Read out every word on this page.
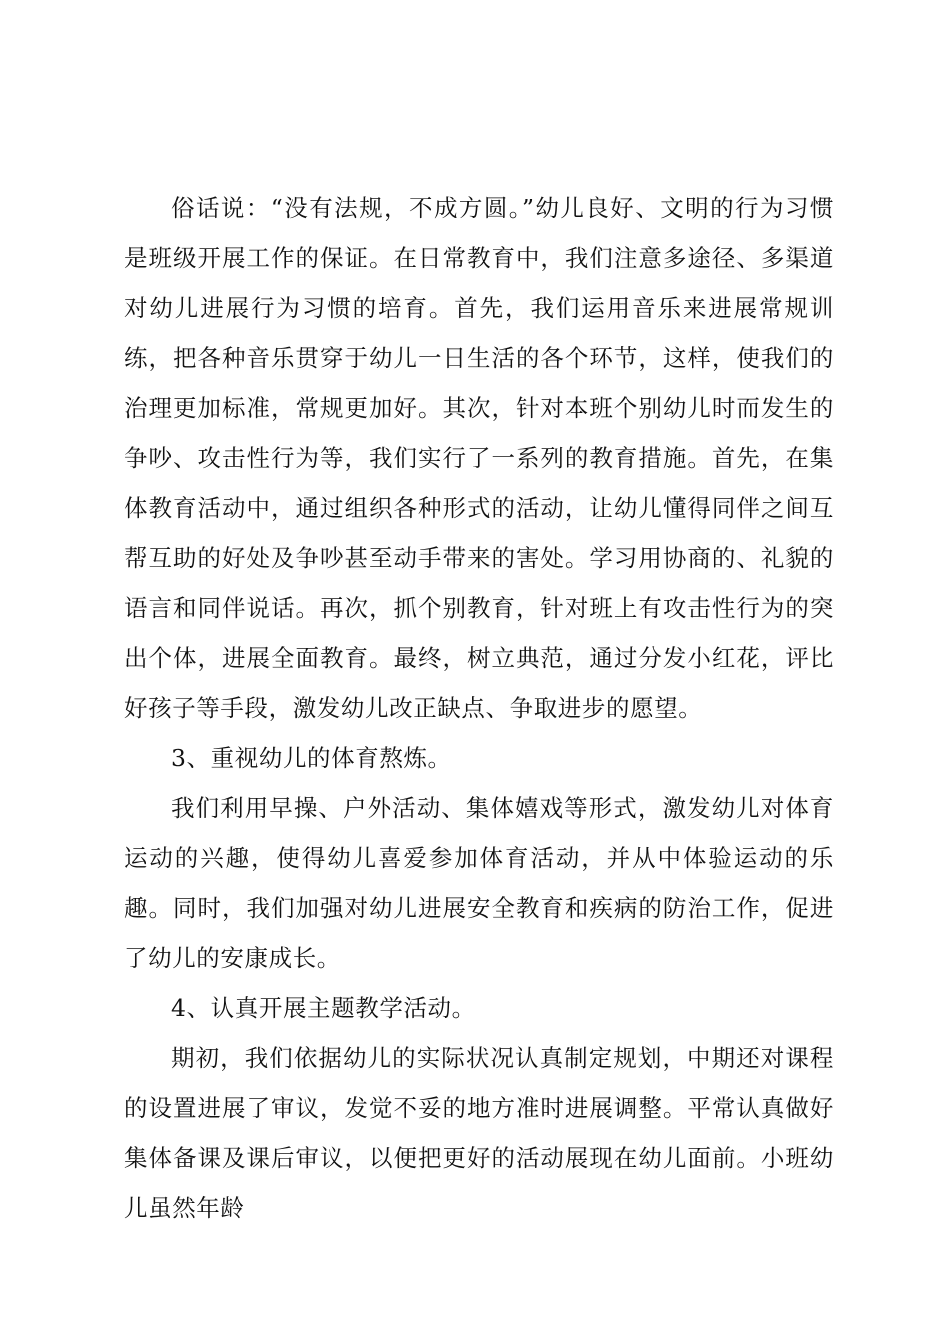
俗话说：“没有法规，不成方圆。”幼儿良好、文明的行为习惯是班级开展工作的保证。在日常教育中，我们注意多途径、多渠道对幼儿进展行为习惯的培育。首先，我们运用音乐来进展常规训练，把各种音乐贯穿于幼儿一日生活的各个环节，这样，使我们的治理更加标准，常规更加好。其次，针对本班个别幼儿时而发生的争吵、攻击性行为等，我们实行了一系列的教育措施。首先，在集体教育活动中，通过组织各种形式的活动，让幼儿懂得同伴之间互帮互助的好处及争吵甚至动手带来的害处。学习用协商的、礼貌的语言和同伴说话。再次，抓个别教育，针对班上有攻击性行为的突出个体，进展全面教育。最终，树立典范，通过分发小红花，评比好孩子等手段，激发幼儿改正缺点、争取进步的愿望。

3、重视幼儿的体育熬炼。

我们利用早操、户外活动、集体嬉戏等形式，激发幼儿对体育运动的兴趣，使得幼儿喜爱参加体育活动，并从中体验运动的乐趣。同时，我们加强对幼儿进展安全教育和疾病的防治工作，促进了幼儿的安康成长。

4、认真开展主题教学活动。

期初，我们依据幼儿的实际状况认真制定规划，中期还对课程的设置进展了审议，发觉不妥的地方准时进展调整。平常认真做好集体备课及课后审议，以便把更好的活动展现在幼儿面前。小班幼儿虽然年龄
